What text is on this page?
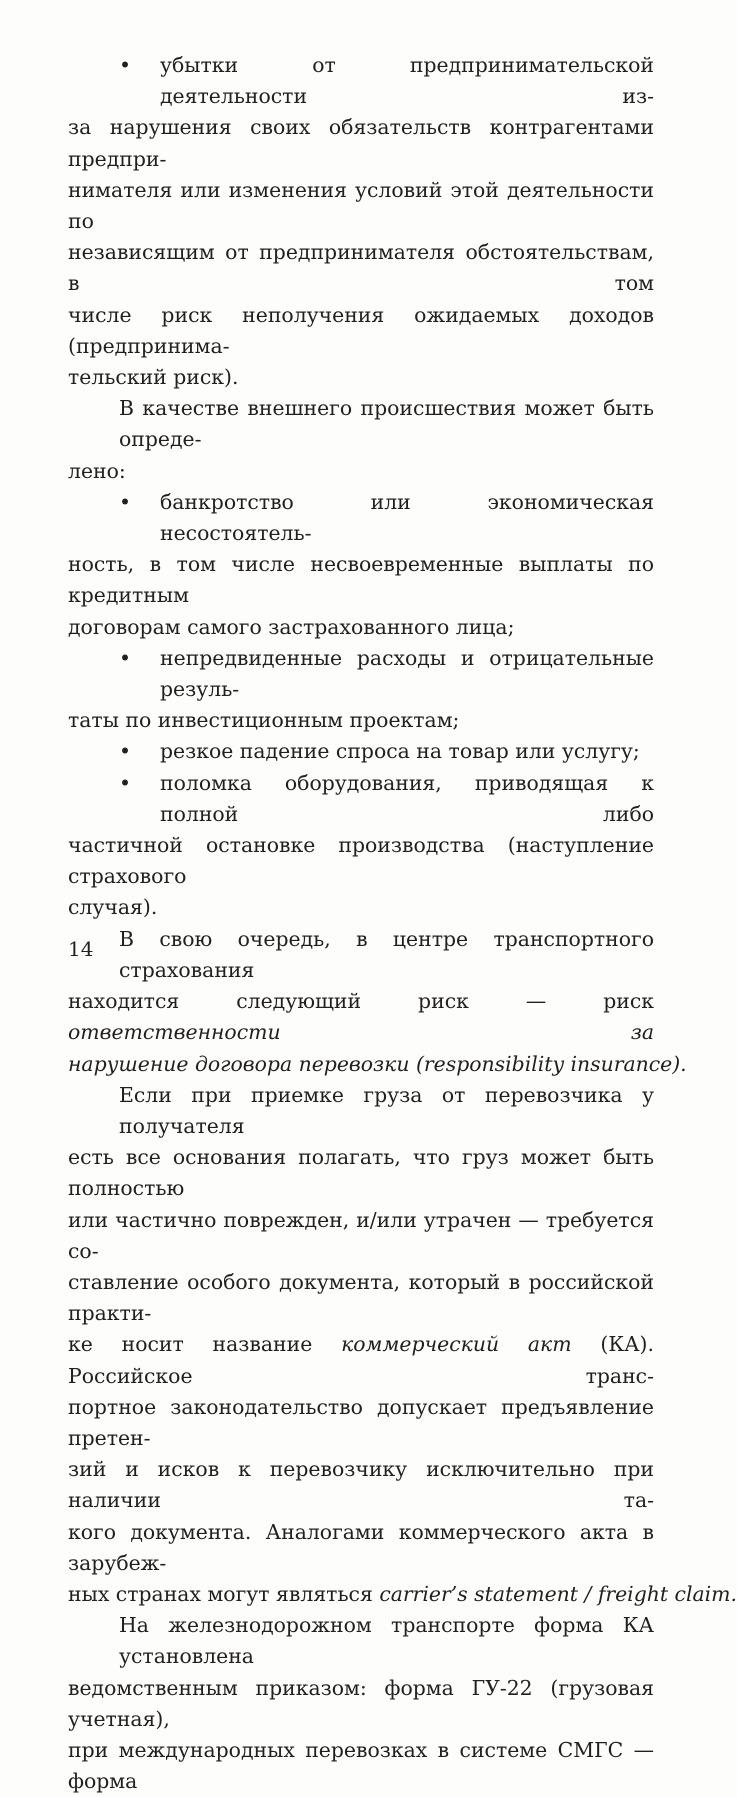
• убытки от предпринимательской деятельности из-
за нарушения своих обязательств контрагентами предпри-
нимателя или изменения условий этой деятельности по
независящим от предпринимателя обстоятельствам, в том
числе риск неполучения ожидаемых доходов (предпринима-
тельский риск).
В качестве внешнего происшествия может быть опреде-
лено:
• банкротство или экономическая несостоятель-
ность, в том числе несвоевременные выплаты по кредитным
договорам самого застрахованного лица;
• непредвиденные расходы и отрицательные резуль-
таты по инвестиционным проектам;
• резкое падение спроса на товар или услугу;
• поломка оборудования, приводящая к полной либо
частичной остановке производства (наступление страхового
случая).
В свою очередь, в центре транспортного страхования
находится следующий риск — риск ответственности за
нарушение договора перевозки (responsibility insurance).
Если при приемке груза от перевозчика у получателя
есть все основания полагать, что груз может быть полностью
или частично поврежден, и/или утрачен — требуется со-
ставление особого документа, который в российской практи-
ке носит название коммерческий акт (КА). Российское транс-
портное законодательство допускает предъявление претен-
зий и исков к перевозчику исключительно при наличии та-
кого документа. Аналогами коммерческого акта в зарубеж-
ных странах могут являться carrier’s statement / freight claim.
На железнодорожном транспорте форма КА установлена
ведомственным приказом: форма ГУ-22 (грузовая учетная),
при международных перевозках в системе СМГС — форма
14
